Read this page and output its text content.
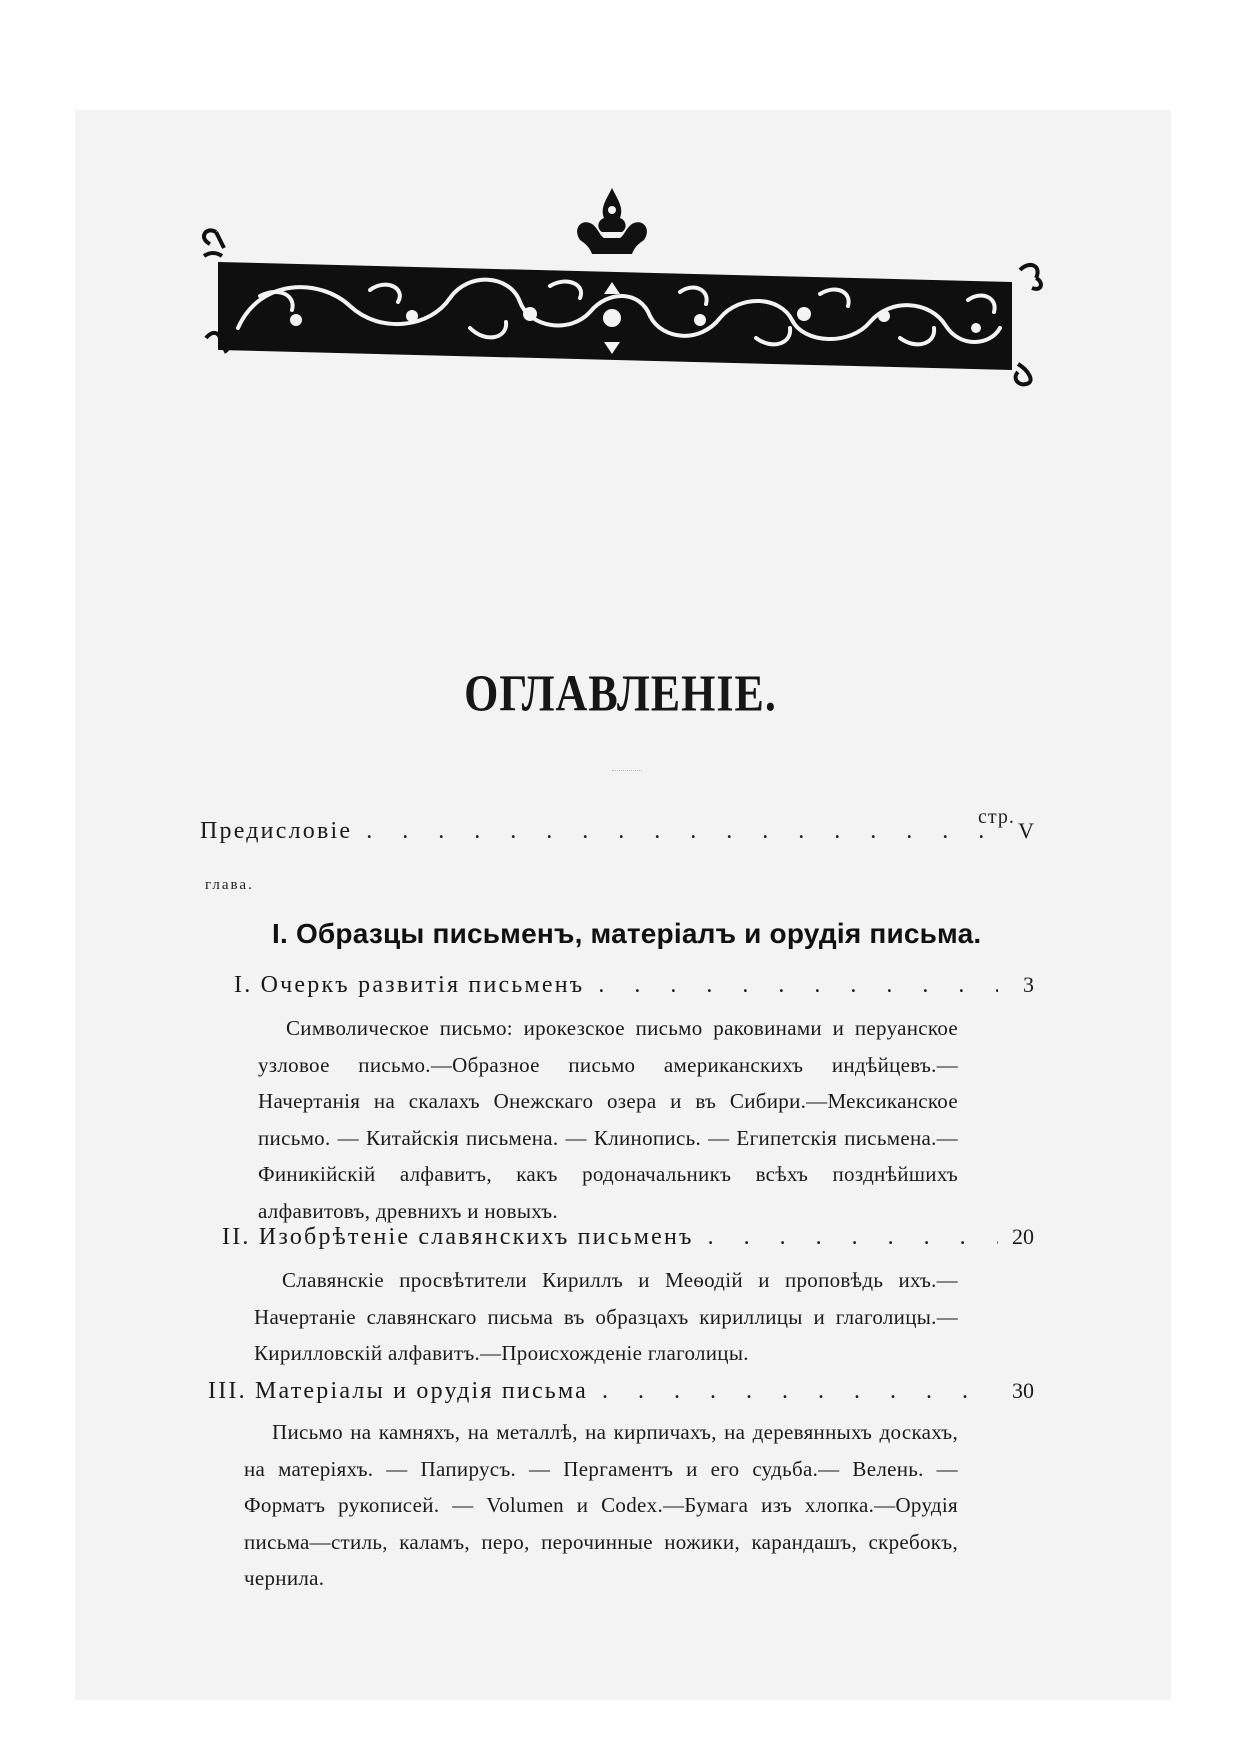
ОГЛАВЛЕНІЕ.
стр.
Предисловіе . . .	V
глава.
I. Образцы письменъ, матеріалъ и орудія письма.
I. Очеркъ развитія письменъ . . .	3
Символическое письмо: ирокезское письмо раковинами и перуанское узловое письмо.—Образное письмо американскихъ индѣйцевъ.—Начертанія на скалахъ Онежскаго озера и въ Сибири.—Мексиканское письмо. — Китайскія письмена. — Клинопись. — Египетскія письмена.—Финикійскій алфавитъ, какъ родоначальникъ всѣхъ позднѣйшихъ алфавитовъ, древнихъ и новыхъ.
II. Изобрѣтеніе славянскихъ письменъ . . .	20
Славянскіе просвѣтители Кириллъ и Меѳодій и проповѣдь ихъ.—Начертаніе славянскаго письма въ образцахъ кириллицы и глаголицы.—Кирилловскій алфавитъ.—Происхожденіе глаголицы.
III. Матеріалы и орудія письма . . .	30
Письмо на камняхъ, на металлѣ, на кирпичахъ, на деревянныхъ доскахъ, на матеріяхъ. — Папирусъ. — Пергаментъ и его судьба.— Велень. — Форматъ рукописей. — Volumen и Codex.—Бумага изъ хлопка.—Орудія письма—стиль, каламъ, перо, перочинные ножики, карандашъ, скребокъ, чернила.
